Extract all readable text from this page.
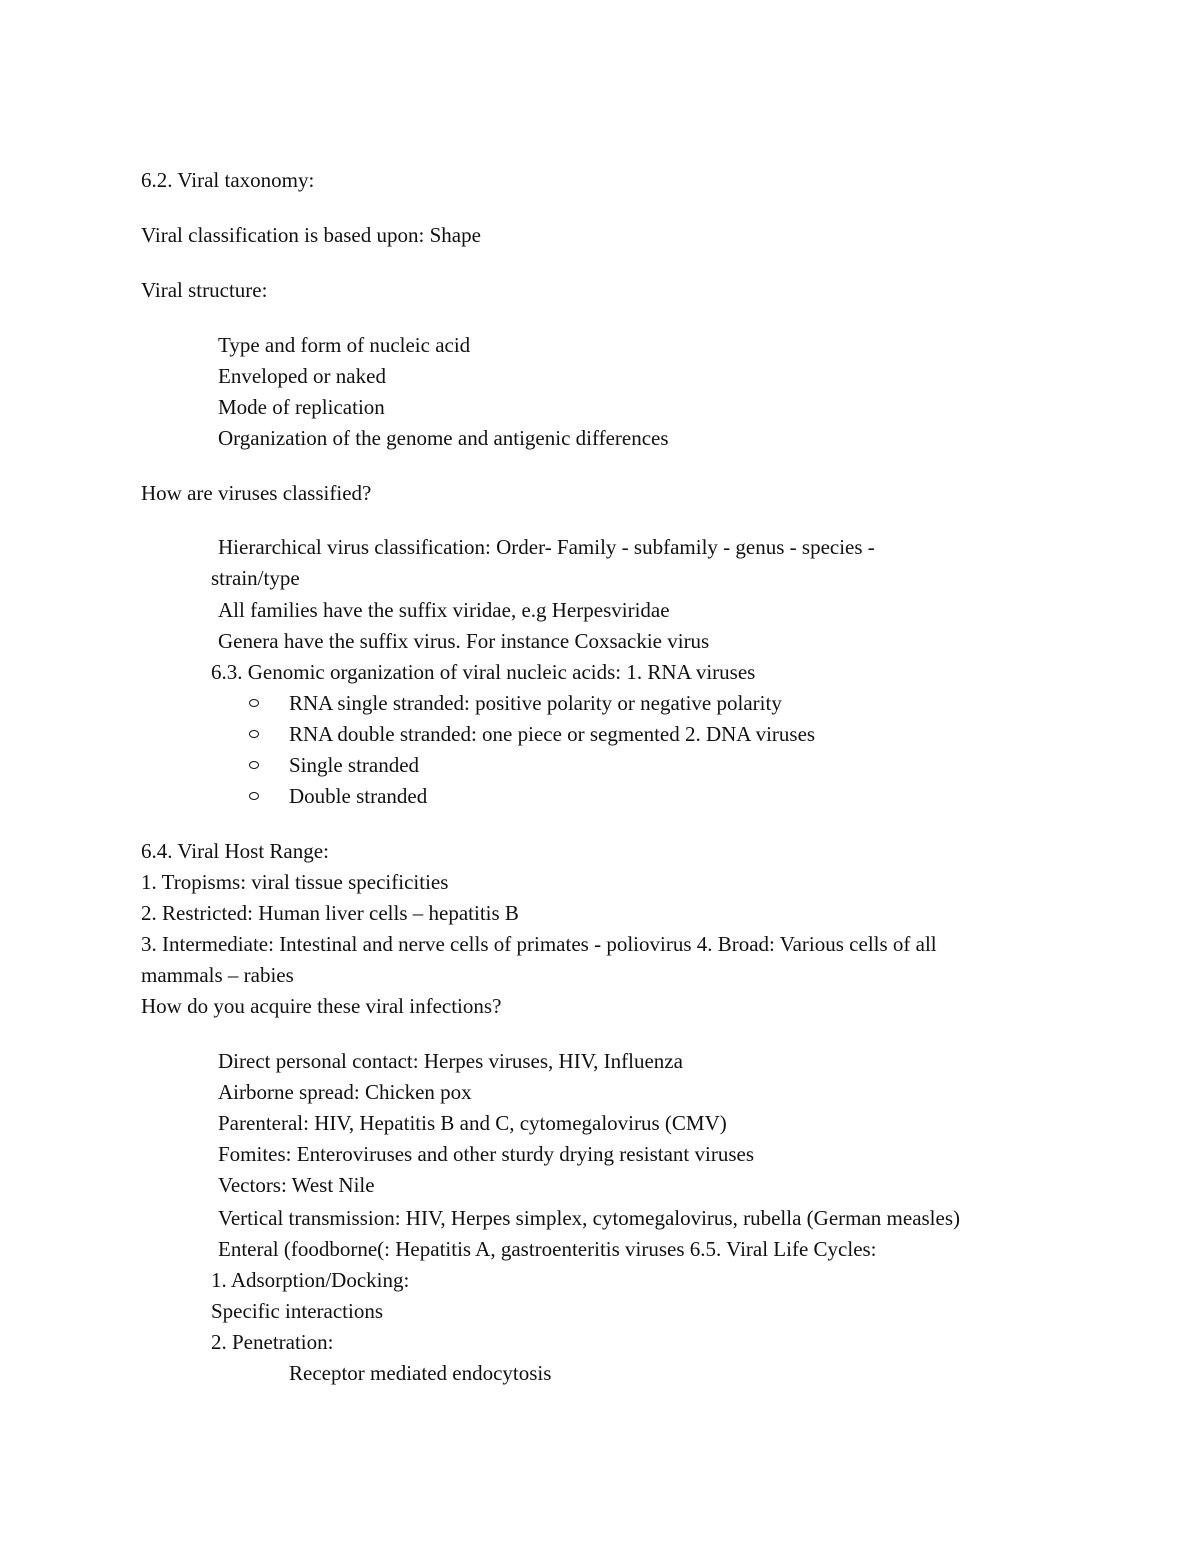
6.2. Viral taxonomy:

Viral classification is based upon: Shape

Viral structure:

Type and form of nucleic acid

Enveloped or naked

Mode of replication

Organization of the genome and antigenic differences

How are viruses classified?

Hierarchical virus classification: Order- Family - subfamily - genus - species -

strain/type

All families have the suffix viridae, e.g Herpesviridae

Genera have the suffix virus. For instance Coxsackie virus

6.3. Genomic organization of viral nucleic acids: 1. RNA viruses

RNA single stranded: positive polarity or negative polarity

RNA double stranded: one piece or segmented 2. DNA viruses

Single stranded

Double stranded

6.4. Viral Host Range:

1. Tropisms: viral tissue specificities

2. Restricted: Human liver cells – hepatitis B

3. Intermediate: Intestinal and nerve cells of primates - poliovirus 4. Broad: Various cells of all

mammals – rabies

How do you acquire these viral infections?

Direct personal contact: Herpes viruses, HIV, Influenza

Airborne spread: Chicken pox

Parenteral: HIV, Hepatitis B and C, cytomegalovirus (CMV)

Fomites: Enteroviruses and other sturdy drying resistant viruses

Vectors: West Nile

Vertical transmission: HIV, Herpes simplex, cytomegalovirus, rubella (German measles)

Enteral (foodborne(: Hepatitis A, gastroenteritis viruses 6.5. Viral Life Cycles:

1. Adsorption/Docking:

Specific interactions

2. Penetration:

Receptor mediated endocytosis
